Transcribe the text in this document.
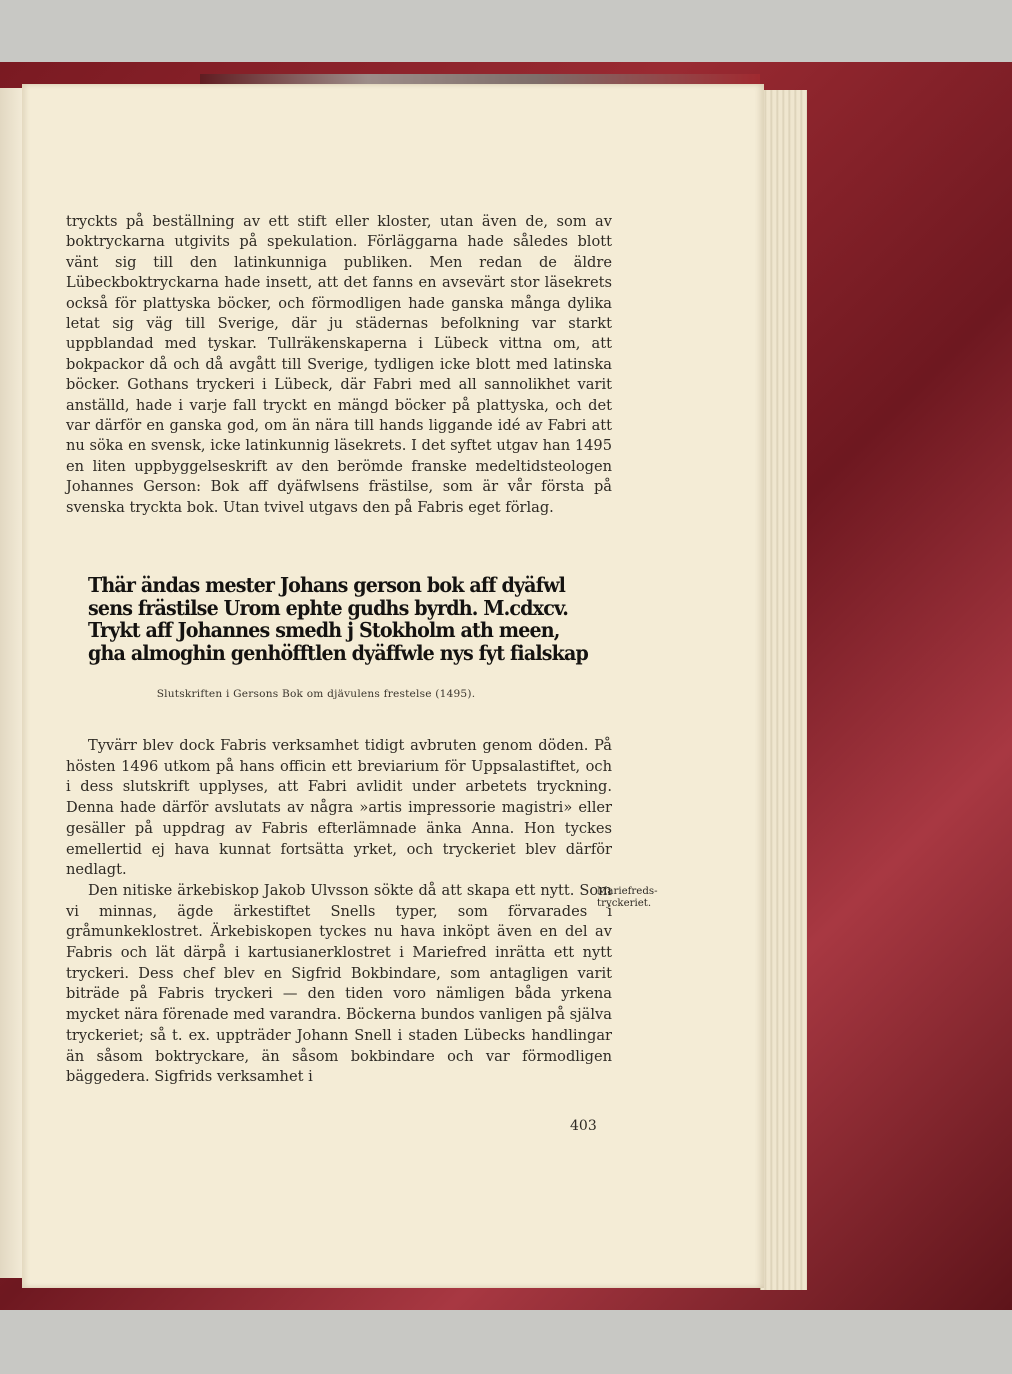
tryckts på beställning av ett stift eller kloster, utan även de, som av boktryckarna utgivits på spekulation. Förläggarna hade således blott vänt sig till den latinkunniga publiken. Men redan de äldre Lübeckboktryckarna hade insett, att det fanns en avsevärt stor läsekrets också för plattyska böcker, och förmodligen hade ganska många dylika letat sig väg till Sverige, där ju städernas befolkning var starkt uppblandad med tyskar. Tullräkenskaperna i Lübeck vittna om, att bokpackor då och då avgått till Sverige, tydligen icke blott med latinska böcker. Gothans tryckeri i Lübeck, där Fabri med all sannolikhet varit anställd, hade i varje fall tryckt en mängd böcker på plattyska, och det var därför en ganska god, om än nära till hands liggande idé av Fabri att nu söka en svensk, icke latinkunnig läsekrets. I det syftet utgav han 1495 en liten uppbyggelseskrift av den berömde franske medeltidsteologen Johannes Gerson: Bok aff dyäfwlsens frästilse, som är vår första på svenska tryckta bok. Utan tvivel utgavs den på Fabris eget förlag.

Thär ändas mester Johans gerson bok aff dyäfwl
sens frästilse Urom ephte gudhs byrdh. M.cdxcv.
Trykt aff Johannes smedh j Stokholm ath meen,
gha almoghin genhöfftlen dyäffwle nys fyt fialskap
Slutskriften i Gersons Bok om djävulens frestelse (1495).

Tyvärr blev dock Fabris verksamhet tidigt avbruten genom döden. På hösten 1496 utkom på hans officin ett breviarium för Uppsalastiftet, och i dess slutskrift upplyses, att Fabri avlidit under arbetets tryckning. Denna hade därför avslutats av några »artis impressorie magistri» eller gesäller på uppdrag av Fabris efterlämnade änka Anna. Hon tyckes emellertid ej hava kunnat fortsätta yrket, och tryckeriet blev därför nedlagt.

Den nitiske ärkebiskop Jakob Ulvsson sökte då att skapa ett nytt. Som vi minnas, ägde ärkestiftet Snells typer, som förvarades i gråmunkeklostret. Ärkebiskopen tyckes nu hava inköpt även en del av Fabris och lät därpå i kartusianerklostret i Mariefred inrätta ett nytt tryckeri. Dess chef blev en Sigfrid Bokbindare, som antagligen varit biträde på Fabris tryckeri — den tiden voro nämligen båda yrkena mycket nära förenade med varandra. Böckerna bundos vanligen på själva tryckeriet; så t. ex. uppträder Johann Snell i staden Lübecks handlingar än såsom boktryckare, än såsom bokbindare och var förmodligen bäggedera. Sigfrids verksamhet i

Mariefreds-tryckeriet.
403
